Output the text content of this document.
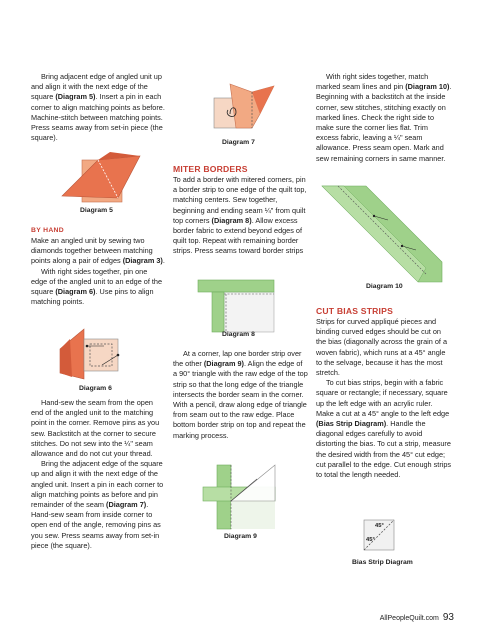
Bring adjacent edge of angled unit up and align it with the next edge of the square (Diagram 5). Insert a pin in each corner to align matching points as before. Machine-stitch between matching points. Press seams away from set-in piece (the square).

Diagram 5
BY HAND

Make an angled unit by sewing two diamonds together between matching points along a pair of edges (Diagram 3).

With right sides together, pin one edge of the angled unit to an edge of the square (Diagram 6). Use pins to align matching points.

Diagram 6

Hand-sew the seam from the open end of the angled unit to the matching point in the corner. Remove pins as you sew. Backstitch at the corner to secure stitches. Do not sew into the ¼" seam allowance and do not cut your thread.

Bring the adjacent edge of the square up and align it with the next edge of the angled unit. Insert a pin in each corner to align matching points as before and pin remainder of the seam (Diagram 7). Hand-sew seam from inside corner to open end of the angle, removing pins as you sew. Press seams away from set-in piece (the square).

Diagram 7
MITER BORDERS

To add a border with mitered corners, pin a border strip to one edge of the quilt top, matching centers. Sew together, beginning and ending seam ¼" from quilt top corners (Diagram 8). Allow excess border fabric to extend beyond edges of quilt top. Repeat with remaining border strips. Press seams toward border strips

Diagram 8

At a corner, lap one border strip over the other (Diagram 9). Align the edge of a 90° triangle with the raw edge of the top strip so that the long edge of the triangle intersects the border seam in the corner. With a pencil, draw along edge of triangle from seam out to the raw edge. Place bottom border strip on top and repeat the marking process.

Diagram 9

With right sides together, match marked seam lines and pin (Diagram 10). Beginning with a backstitch at the inside corner, sew stitches, stitching exactly on marked lines. Check the right side to make sure the corner lies flat. Trim excess fabric, leaving a ¼" seam allowance. Press seam open. Mark and sew remaining corners in same manner.

Diagram 10
CUT BIAS STRIPS

Strips for curved appliqué pieces and binding curved edges should be cut on the bias (diagonally across the grain of a woven fabric), which runs at a 45° angle to the selvage, because it has the most stretch.

To cut bias strips, begin with a fabric square or rectangle; if necessary, square up the left edge with an acrylic ruler. Make a cut at a 45° angle to the left edge (Bias Strip Diagram). Handle the diagonal edges carefully to avoid distorting the bias. To cut a strip, measure the desired width from the 45° cut edge; cut parallel to the edge. Cut enough strips to total the length needed.

45°
45°
Bias Strip Diagram
AllPeopleQuilt.com 93
